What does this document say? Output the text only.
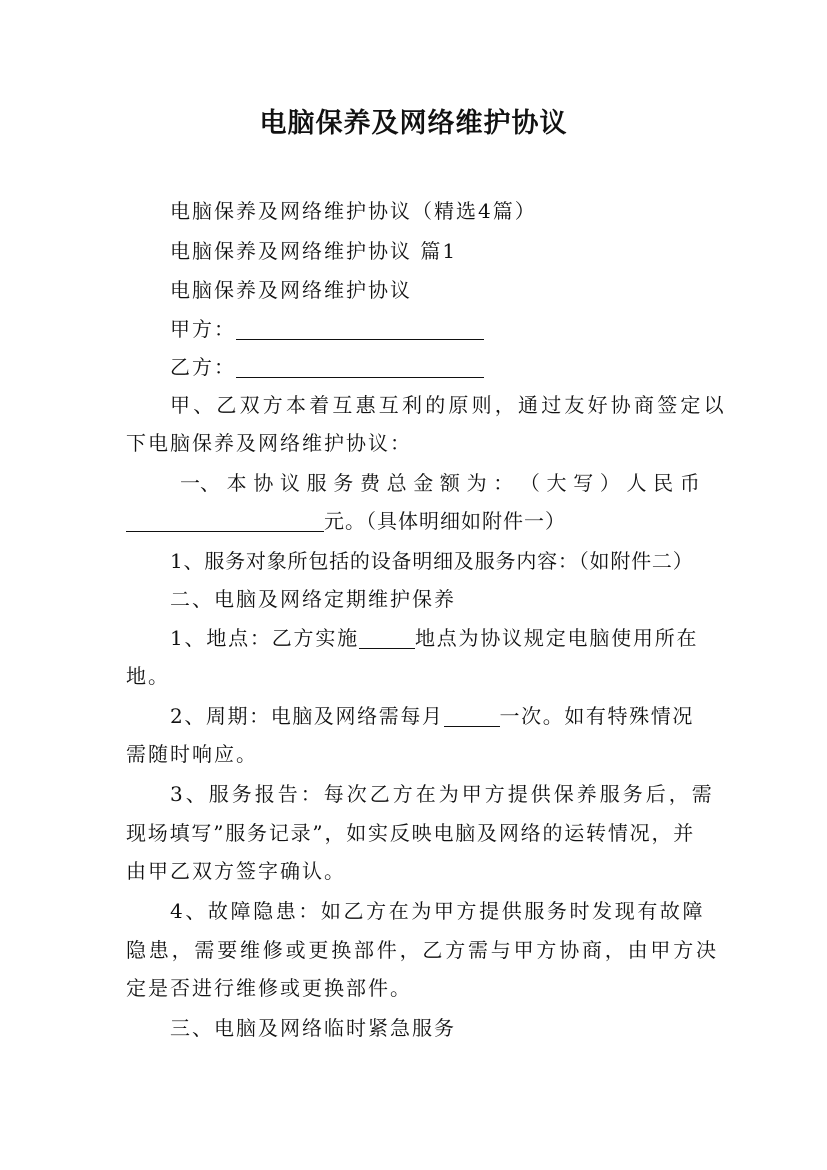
电脑保养及网络维护协议
电脑保养及网络维护协议（精选4篇）
电脑保养及网络维护协议 篇1
电脑保养及网络维护协议
甲方：
乙方：
甲、乙双方本着互惠互利的原则，通过友好协商签定以
下电脑保养及网络维护协议：
一、 本 协 议 服 务 费 总 金 额 为 ： （ 大 写 ） 人 民 币
元。（具体明细如附件一）
1、服务对象所包括的设备明细及服务内容：（如附件二）
二、电脑及网络定期维护保养
1、地点：乙方实施	地点为协议规定电脑使用所在
地。
2、周期：电脑及网络需每月	一次。如有特殊情况
需随时响应。
3、服务报告：每次乙方在为甲方提供保养服务后，需
现场填写”服务记录”，如实反映电脑及网络的运转情况，并
由甲乙双方签字确认。
4、故障隐患：如乙方在为甲方提供服务时发现有故障
隐患，需要维修或更换部件，乙方需与甲方协商，由甲方决
定是否进行维修或更换部件。
三、电脑及网络临时紧急服务
